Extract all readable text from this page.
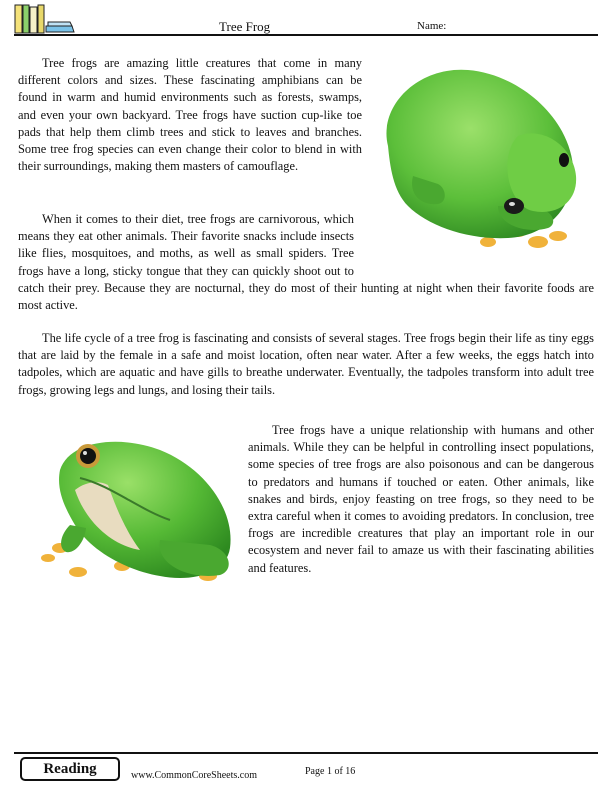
Tree Frog	Name:

Tree frogs are amazing little creatures that come in many different colors and sizes. These fascinating amphibians can be found in warm and humid environments such as forests, swamps, and even your own backyard. Tree frogs have suction cup-like toe pads that help them climb trees and stick to leaves and branches. Some tree frog species can even change their color to blend in with their surroundings, making them masters of camouflage.

When it comes to their diet, tree frogs are carnivorous, which means they eat other animals. Their favorite snacks include insects like flies, mosquitoes, and moths, as well as small spiders. Tree frogs have a long, sticky tongue that they can quickly shoot out to catch their prey. Because they are nocturnal, they do most of their hunting at night when their favorite foods are most active.

The life cycle of a tree frog is fascinating and consists of several stages. Tree frogs begin their life as tiny eggs that are laid by the female in a safe and moist location, often near water. After a few weeks, the eggs hatch into tadpoles, which are aquatic and have gills to breathe underwater. Eventually, the tadpoles transform into adult tree frogs, growing legs and lungs, and losing their tails.

Tree frogs have a unique relationship with humans and other animals. While they can be helpful in controlling insect populations, some species of tree frogs are also poisonous and can be dangerous to predators and humans if touched or eaten. Other animals, like snakes and birds, enjoy feasting on tree frogs, so they need to be extra careful when it comes to avoiding predators. In conclusion, tree frogs are incredible creatures that play an important role in our ecosystem and never fail to amaze us with their fascinating abilities and features.

Reading	www.CommonCoreSheets.com	Page 1 of 16
